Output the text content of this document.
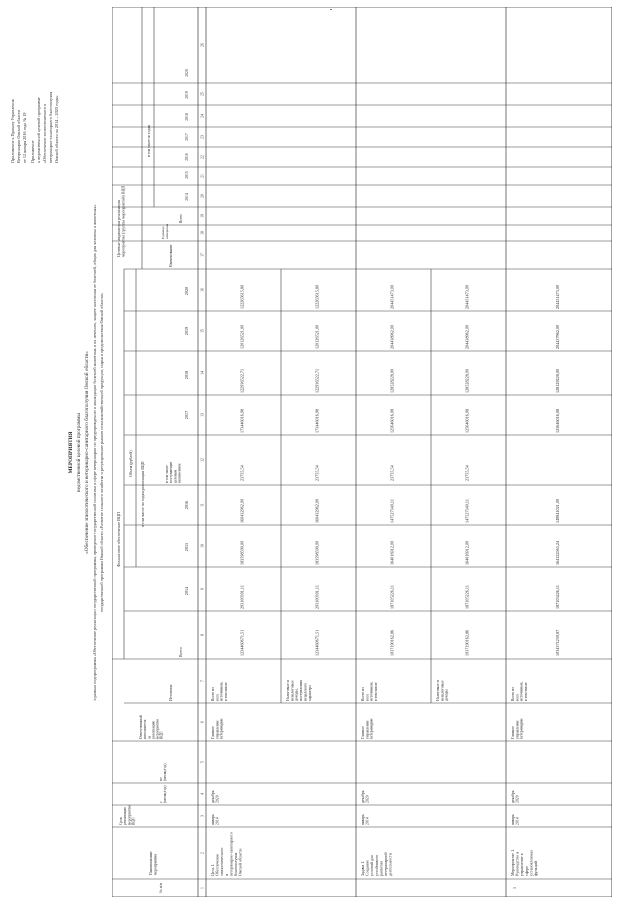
Приложение к Приказу Управления Ветеринарии Омской области от 12 января 2016 года № 19 Приложение к ведомственной целевой программе «Обеспечение эпизоотического и ветеринарно-санитарного благополучия Омской области на 2014 – 2020 годы»
МЕРОПРИЯТИЯ ведомственной целевой программы «Обеспечение эпизоотического и ветеринарно-санитарного благополучия Омской области» в рамках подпрограммы «Обеспечение реализации государственной программы, проведение государственной политики в сфере ветеринарии по предупреждению и ликвидации болезней животных и их лечению, защите населения от болезней, общих для человека и животных» государственной программы Омской области «Развитие сельского хозяйства и регулирование рынков сельскохозяйственной продукции, сырья и продовольствия Омской области»
№ п/п
Наименованиемероприятия
СрокреализациимероприятияВЦП
с(месяц/год)
по(месяц/год)
ОтветственныйисполнительзареализациюмероприятияВЦП
Финансовое обеспечение ВЦП
Источник
Объем (рублей)
Всего
в том числе по годам реализации ВЦП	в том числепоступающиецелевымназначением
Целевые индикаторы реализациимероприятия (группы мероприятий) ВЦП	Наименование
Единицаизмерения
Всего
в том числе по годам
2014
2015
2016
2017
2018
2019
2020
2014
2015
2016
2017
2018
2019
2020
1
2
3
4
5
6
7
8
9
10
11
12
13
14
15
16
17
18
19
20
21
22
23
24
25
26
Цель 1.Обеспечениеэпизоотическогоиветеринарно-санитарногоблагополучияОмской области
январь2014
декабрь2020
Главноеуправлениеветеринарии
Всего извсехисточников,в том числе
1234460671,51
293100391,11
183598590,00
160432962,00
173446016,98
122936522,71
120126521,00
122265615,80
23755,54
Налоговые иненалоговыедоходы,поступлениянецелевогохарактера
1234460671,51
293100391,11
183598590,00
160432962,00
173446016,98
122936522,71
120126521,00
122265615,80
23755,54
Задача 1.Созданиеусловий дляустойчивогоразвитияветеринарнойдеятельности
январь2014
декабрь2020
Главноеуправлениеветеринарии
Всего извсехисточников,в том числе
1037190162,86
187105226,11
164016912,00
147527340,11
125646016,08
128528228,00
204438962,00
204451473,00
23755,54
Налоговые иненалоговыедоходы
1037190162,86
187105226,11
164016912,00
147527340,11
125646016,08
128528228,00
204438962,00
204451473,00
23755,54
1
Мероприятие 1.Руководство иуправление всфереустановленныхфункций
январь2014
декабрь2020
Главноеуправлениеветеринарии
Всего извсехисточников,в том числе
1034371259,87
187105226,11
164122565,24
149841021,00
125646016,08
128129228,00
204437962,00
204451473,00
